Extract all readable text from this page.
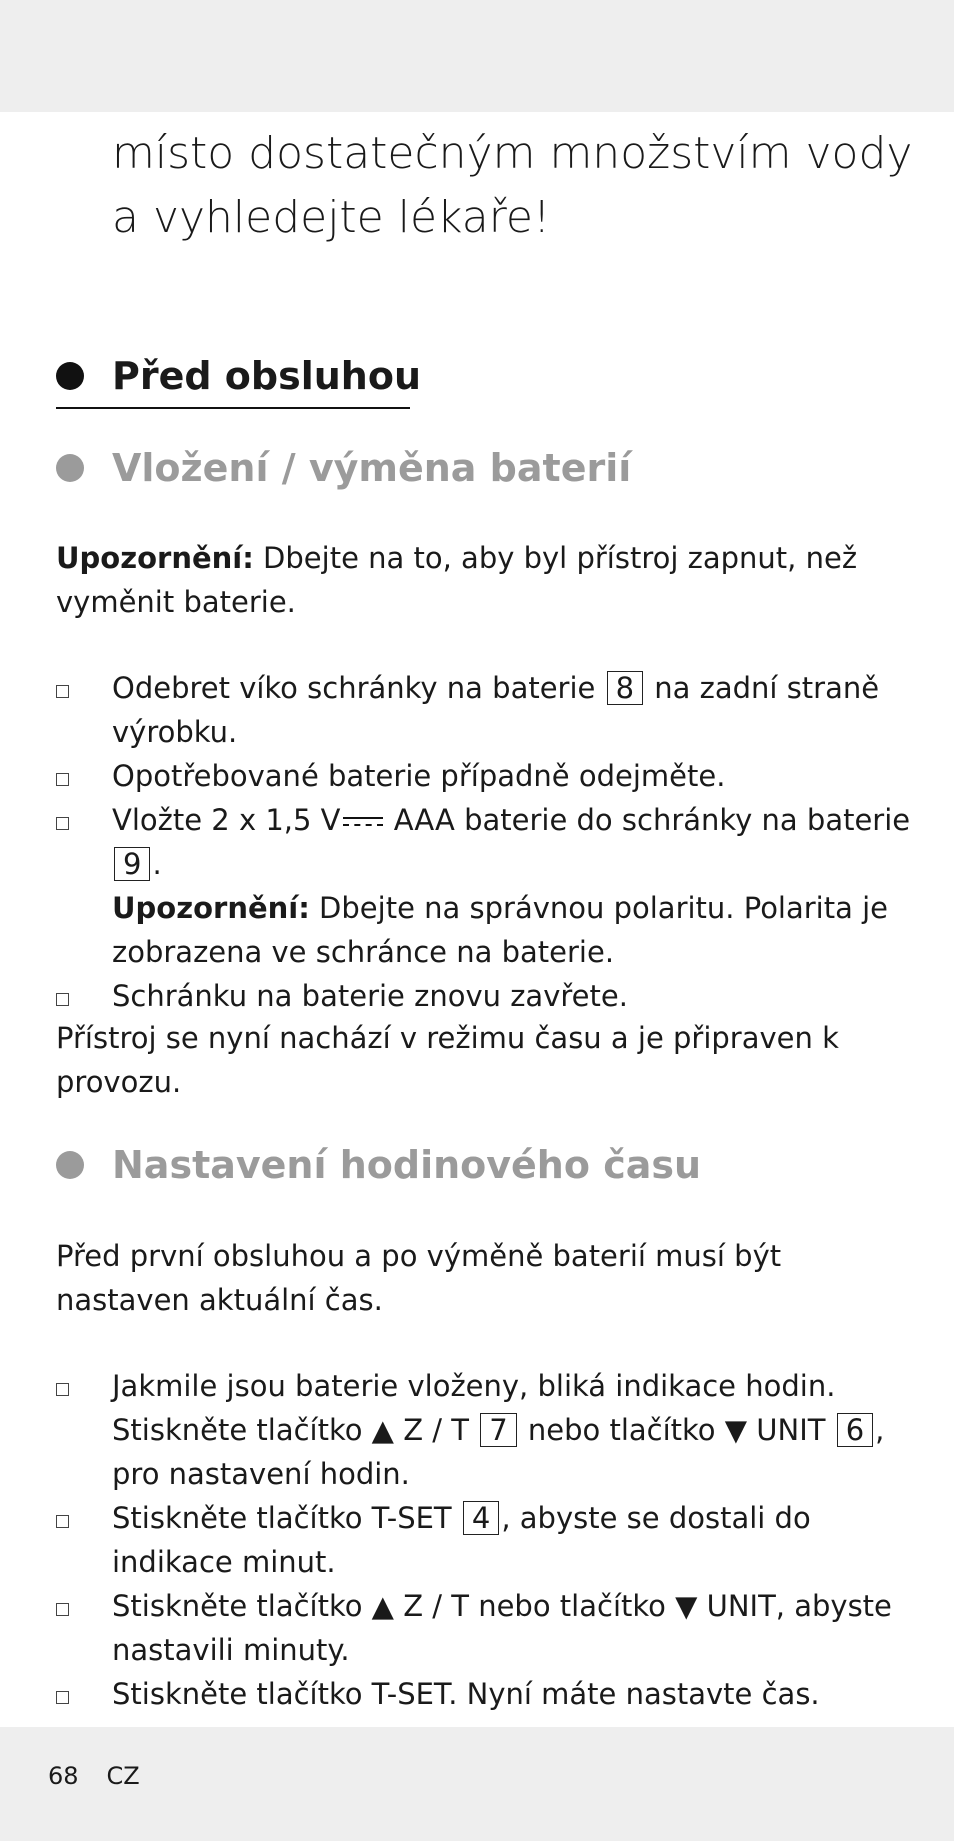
místo dostatečným množstvím vody a vyhledejte lékaře!
Před obsluhou
Vložení / výměna baterií
Upozornění: Dbejte na to, aby byl přístroj zapnut, než vyměnit baterie.
Odebret víko schránky na baterie 8 na zadní straně výrobku.
Opotřebované baterie případně odejměte.
Vložte 2 x 1,5 V AAA baterie do schránky na baterie 9 .
Upozornění: Dbejte na správnou polaritu. Polarita je zobrazena ve schránce na baterie.
Schránku na baterie znovu zavřete.
Přístroj se nyní nachází v režimu času a je připraven k provozu.
Nastavení hodinového času
Před první obsluhou a po výměně baterií musí být nastaven aktuální čas.
Jakmile jsou baterie vloženy, bliká indikace hodin. Stiskněte tlačítko ▲ Z / T 7 nebo tlačítko ▼ UNIT 6 , pro nastavení hodin.
Stiskněte tlačítko T-SET 4 , abyste se dostali do indikace minut.
Stiskněte tlačítko ▲ Z / T nebo tlačítko ▼ UNIT, abyste nastavili minuty.
Stiskněte tlačítko T-SET. Nyní máte nastavte čas.
68 CZ
